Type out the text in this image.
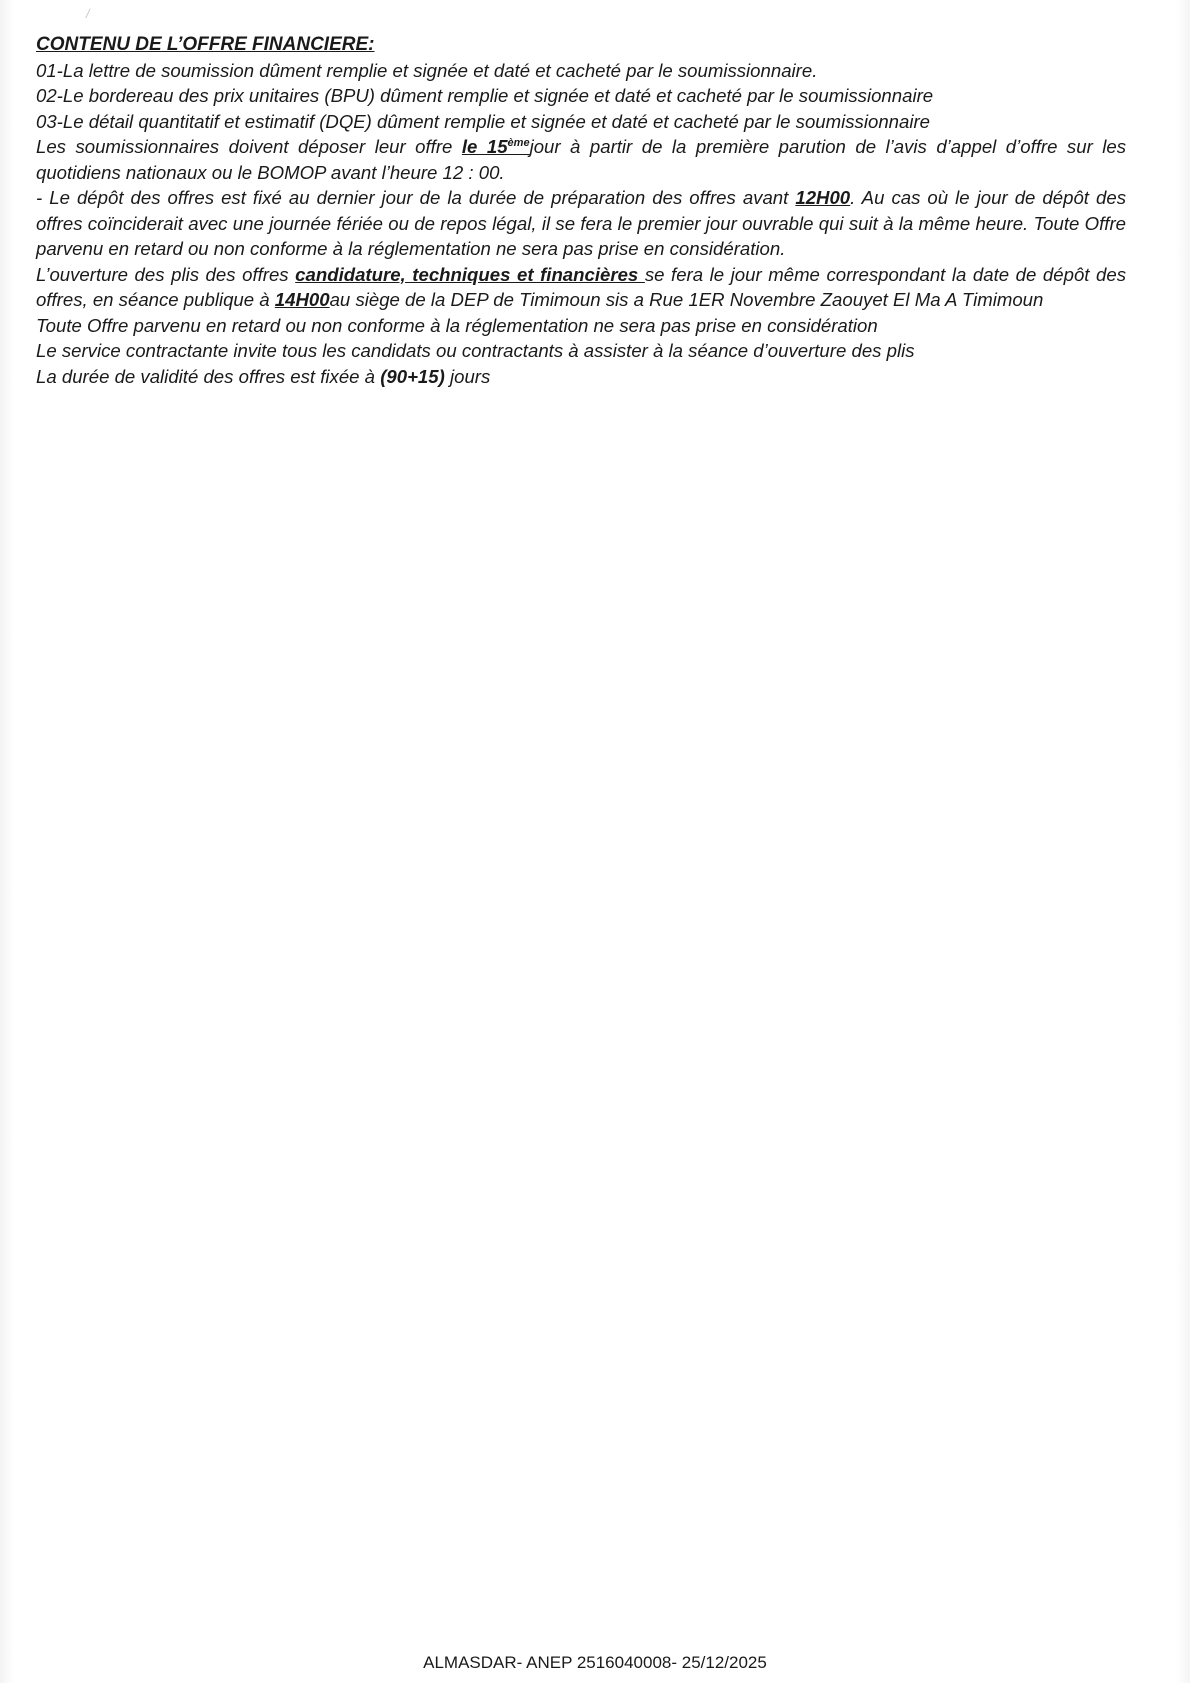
/
CONTENU DE L’OFFRE FINANCIERE:
01-La lettre de soumission dûment remplie et signée et daté et cacheté par le soumissionnaire.
02-Le bordereau des prix unitaires (BPU) dûment remplie et signée et daté et cacheté par le soumissionnaire
03-Le détail quantitatif et estimatif (DQE) dûment remplie et signée et daté et cacheté par le soumissionnaire
Les soumissionnaires doivent déposer leur offre le 15èmejour à partir de la première parution de l’avis d’appel d’offre sur les quotidiens nationaux ou le BOMOP avant l’heure 12 : 00.
- Le dépôt des offres est fixé au dernier jour de la durée de préparation des offres avant 12H00. Au cas où le jour de dépôt des offres coïnciderait avec une journée fériée ou de repos légal, il se fera le premier jour ouvrable qui suit à la même heure. Toute Offre parvenu en retard ou non conforme à la réglementation ne sera pas prise en considération.
L’ouverture des plis des offres candidature, techniques et financières se fera le jour même correspondant la date de dépôt des offres, en séance publique à 14H00au siège de la DEP de Timimoun sis a Rue 1ER Novembre Zaouyet El Ma A Timimoun
Toute Offre parvenu en retard ou non conforme à la réglementation ne sera pas prise en considération
Le service contractante invite tous les candidats ou contractants à assister à la séance d’ouverture des plis
La durée de validité des offres est fixée à (90+15) jours
ALMASDAR- ANEP 2516040008- 25/12/2025
